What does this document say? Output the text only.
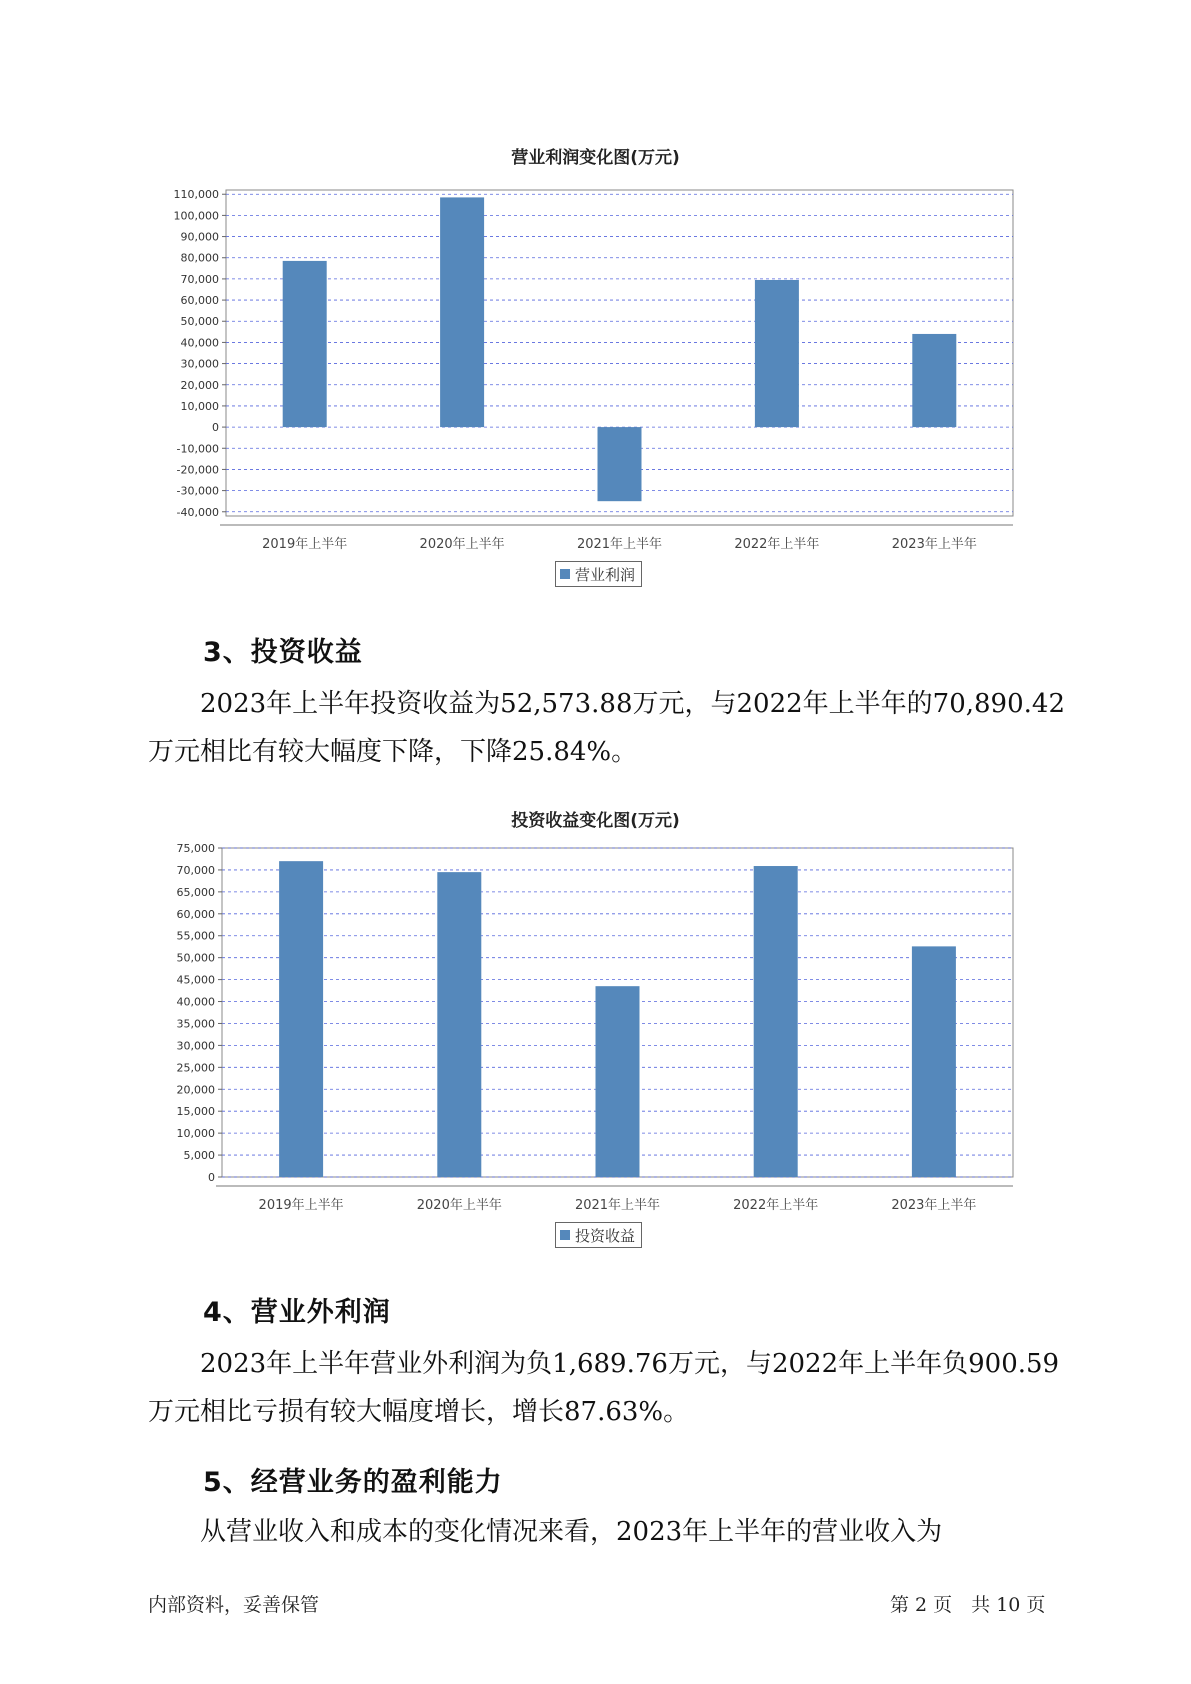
营业利润变化图(万元)
110,000
100,000
90,000
80,000
70,000
60,000
50,000
40,000
30,000
20,000
10,000
0
-10,000
-20,000
-30,000
-40,000
2019年上半年	2020年上半年	2021年上半年	2022年上半年	2023年上半年
营业利润
3、投资收益
2023年上半年投资收益为52,573.88万元，与2022年上半年的70,890.42
万元相比有较大幅度下降，下降25.84%。
投资收益变化图(万元)
75,000
70,000
65,000
60,000
55,000
50,000
45,000
40,000
35,000
30,000
25,000
20,000
15,000
10,000
5,000
0
2019年上半年	2020年上半年	2021年上半年	2022年上半年	2023年上半年
投资收益
4、营业外利润
2023年上半年营业外利润为负1,689.76万元，与2022年上半年负900.59
万元相比亏损有较大幅度增长，增长87.63%。
5、经营业务的盈利能力
从营业收入和成本的变化情况来看，2023年上半年的营业收入为
内部资料，妥善保管	第 2 页　共 10 页
